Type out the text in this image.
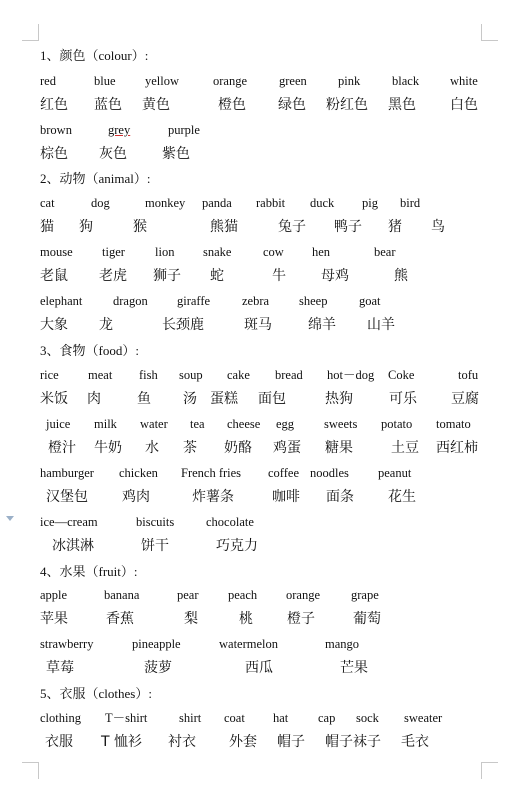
1、颜色（colour）:
red	blue yellow	orange	green pink	black white
红色 蓝色 黄色	橙色 绿色 粉红色 黑色 白色
brown	grey	purple
棕色 灰色	紫色
2、动物（animal）:
cat	dog	monkey panda rabbit duck pig bird
猫 狗	猴	熊猫	兔子 鸭子 猪 鸟
mouse tiger lion snake	cow hen	bear
老鼠 老虎 狮子 蛇	牛	母鸡	熊
elephant dragon giraffe	zebra sheep	goat
大象 龙	长颈鹿	斑马	绵羊 山羊
3、食物（food）:
rice meat fish soup cake bread hot－dog Coke	tofu
米饭 肉	鱼 汤 蛋糕 面包	热狗	可乐 豆腐
juice milk water tea cheese egg sweets potato tomato
橙汁 牛奶 水 茶 奶酪 鸡蛋 糖果	土豆 西红柿
hamburger chicken French fries coffee noodles peanut
汉堡包 鸡肉	炸薯条	咖啡 面条 花生
ice—cream	biscuits	chocolate
冰淇淋	饼干	巧克力
4、水果（fruit）:
apple	banana	pear peach orange grape
苹果	香蕉	梨	桃 橙子	葡萄
strawberry	pineapple	watermelon	mango
草莓	菠萝	西瓜	芒果
5、衣服（clothes）:
clothing T－shirt	shirt coat hat cap sock sweater
衣服 T 恤衫 衬衣 外套 帽子 帽子袜子 毛衣
